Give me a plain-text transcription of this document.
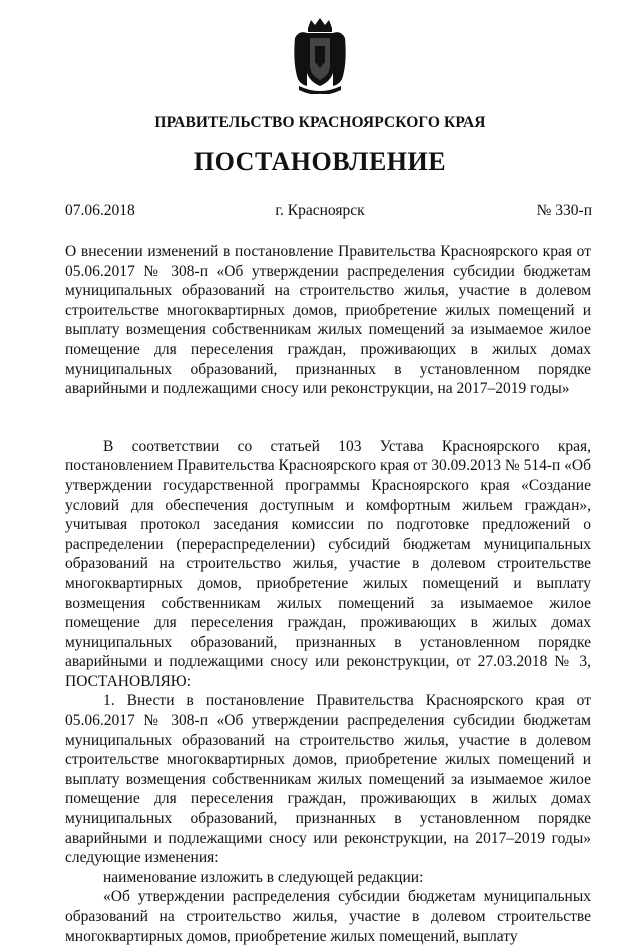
ПРАВИТЕЛЬСТВО КРАСНОЯРСКОГО КРАЯ
ПОСТАНОВЛЕНИЕ
07.06.2018	г. Красноярск	№ 330-п

О внесении изменений в постановление Правительства Красноярского края от 05.06.2017 № 308-п «Об утверждении распределения субсидии бюджетам муниципальных образований на строительство жилья, участие в долевом строительстве многоквартирных домов, приобретение жилых помещений и выплату возмещения собственникам жилых помещений за изымаемое жилое помещение для переселения граждан, проживающих в жилых домах муниципальных образований, признанных в установленном порядке аварийными и подлежащими сносу или реконструкции, на 2017–2019 годы»

В соответствии со статьей 103 Устава Красноярского края, постановлением Правительства Красноярского края от 30.09.2013 № 514-п «Об утверждении государственной программы Красноярского края «Создание условий для обеспечения доступным и комфортным жильем граждан», учитывая протокол заседания комиссии по подготовке предложений о распределении (перераспределении) субсидий бюджетам муниципальных образований на строительство жилья, участие в долевом строительстве многоквартирных домов, приобретение жилых помещений и выплату возмещения собственникам жилых помещений за изымаемое жилое помещение для переселения граждан, проживающих в жилых домах муниципальных образований, признанных в установленном порядке аварийными и подлежащими сносу или реконструкции, от 27.03.2018 № 3, ПОСТАНОВЛЯЮ:

1. Внести в постановление Правительства Красноярского края от 05.06.2017 № 308-п «Об утверждении распределения субсидии бюджетам муниципальных образований на строительство жилья, участие в долевом строительстве многоквартирных домов, приобретение жилых помещений и выплату возмещения собственникам жилых помещений за изымаемое жилое помещение для переселения граждан, проживающих в жилых домах муниципальных образований, признанных в установленном порядке аварийными и подлежащими сносу или реконструкции, на 2017–2019 годы» следующие изменения:

наименование изложить в следующей редакции:

«Об утверждении распределения субсидии бюджетам муниципальных образований на строительство жилья, участие в долевом строительстве многоквартирных домов, приобретение жилых помещений, выплату
